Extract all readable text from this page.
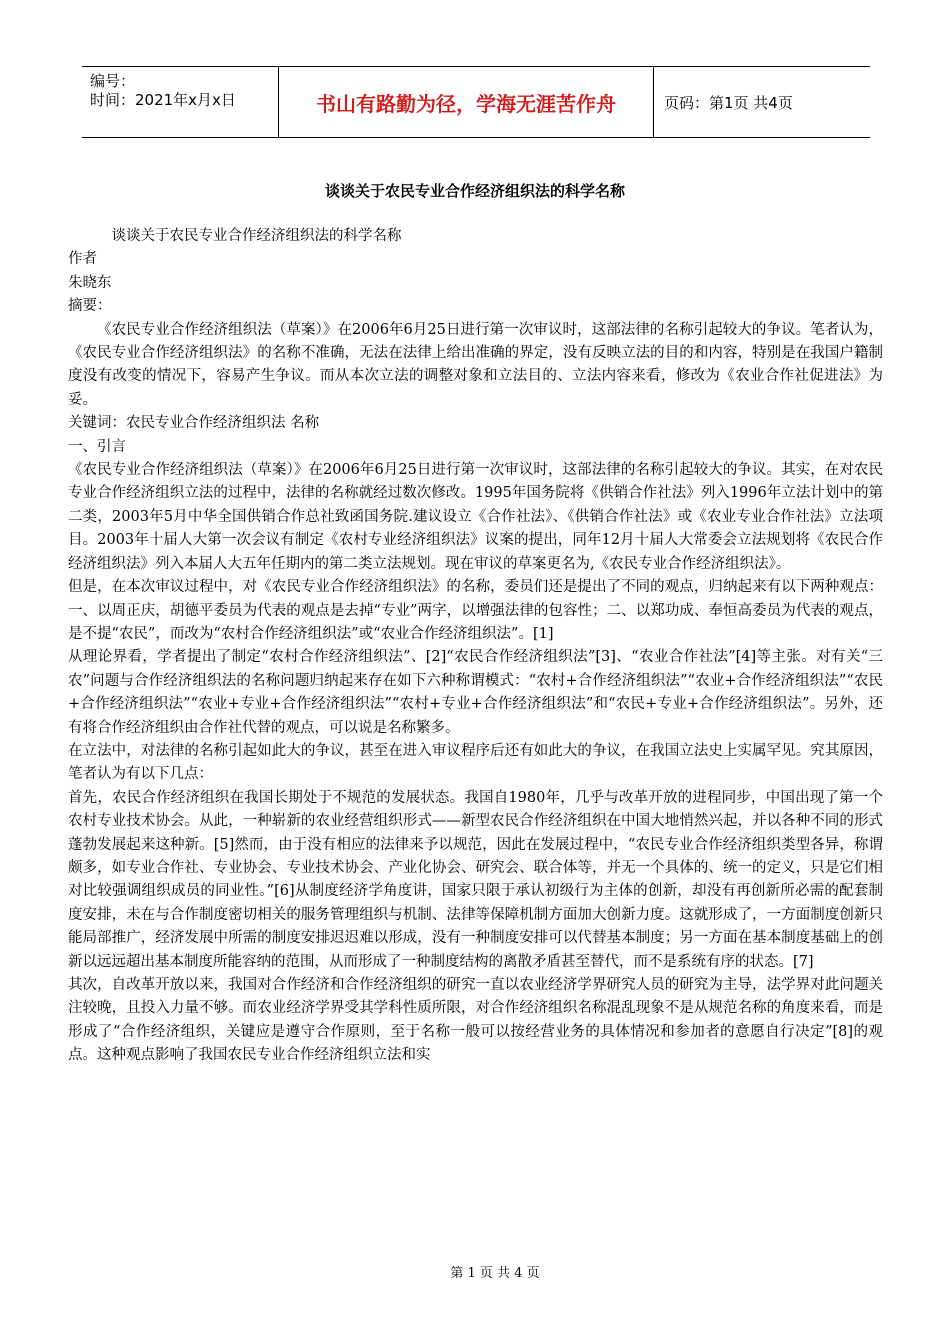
编号：
时间：2021年x月x日	书山有路勤为径，学海无涯苦作舟	页码：第1页 共4页
谈谈关于农民专业合作经济组织法的科学名称

谈谈关于农民专业合作经济组织法的科学名称

作者

朱晓东

摘要：

《农民专业合作经济组织法（草案）》在2006年6月25日进行第一次审议时，这部法律的名称引起较大的争议。笔者认为，《农民专业合作经济组织法》的名称不准确，无法在法律上给出准确的界定，没有反映立法的目的和内容，特别是在我国户籍制度没有改变的情况下，容易产生争议。而从本次立法的调整对象和立法目的、立法内容来看，修改为《农业合作社促进法》为妥。

关键词：农民专业合作经济组织法 名称

一、引言

《农民专业合作经济组织法（草案）》在2006年6月25日进行第一次审议时，这部法律的名称引起较大的争议。其实，在对农民专业合作经济组织立法的过程中，法律的名称就经过数次修改。1995年国务院将《供销合作社法》列入1996年立法计划中的第二类，2003年5月中华全国供销合作总社致函国务院.建议设立《合作社法》、《供销合作社法》或《农业专业合作社法》立法项目。2003年十届人大第一次会议有制定《农村专业经济组织法》议案的提出，同年12月十届人大常委会立法规划将《农民合作经济组织法》列入本届人大五年任期内的第二类立法规划。现在审议的草案更名为,《农民专业合作经济组织法》。

但是，在本次审议过程中，对《农民专业合作经济组织法》的名称，委员们还是提出了不同的观点，归纳起来有以下两种观点：一、以周正庆，胡德平委员为代表的观点是去掉“专业”两字，以增强法律的包容性；二、以郑功成、奉恒高委员为代表的观点，是不提“农民”，而改为“农村合作经济组织法”或“农业合作经济组织法”。[1]

从理论界看，学者提出了制定“农村合作经济组织法”、[2]“农民合作经济组织法”[3]、“农业合作社法”[4]等主张。对有关“三农”问题与合作经济组织法的名称问题归纳起来存在如下六种称谓模式：“农村+合作经济组织法”“农业+合作经济组织法”“农民+合作经济组织法”“农业+专业+合作经济组织法”“农村+专业+合作经济组织法”和“农民+专业+合作经济组织法”。另外，还有将合作经济组织由合作社代替的观点，可以说是名称繁多。

在立法中，对法律的名称引起如此大的争议，甚至在进入审议程序后还有如此大的争议，在我国立法史上实属罕见。究其原因，笔者认为有以下几点：

首先，农民合作经济组织在我国长期处于不规范的发展状态。我国自1980年，几乎与改革开放的进程同步，中国出现了第一个农村专业技术协会。从此，一种崭新的农业经营组织形式——新型农民合作经济组织在中国大地悄然兴起，并以各种不同的形式蓬勃发展起来这种新。[5]然而，由于没有相应的法律来予以规范，因此在发展过程中，“农民专业合作经济组织类型各异，称谓颇多，如专业合作社、专业协会、专业技术协会、产业化协会、研究会、联合体等，并无一个具体的、统一的定义，只是它们相对比较强调组织成员的同业性。”[6]从制度经济学角度讲，国家只限于承认初级行为主体的创新，却没有再创新所必需的配套制度安排，未在与合作制度密切相关的服务管理组织与机制、法律等保障机制方面加大创新力度。这就形成了，一方面制度创新只能局部推广，经济发展中所需的制度安排迟迟难以形成，没有一种制度安排可以代替基本制度；另一方面在基本制度基础上的创新以远远超出基本制度所能容纳的范围，从而形成了一种制度结构的离散矛盾甚至替代，而不是系统有序的状态。[7]

其次，自改革开放以来，我国对合作经济和合作经济组织的研究一直以农业经济学界研究人员的研究为主导，法学界对此问题关注较晚，且投入力量不够。而农业经济学界受其学科性质所限，对合作经济组织名称混乱现象不是从规范名称的角度来看，而是形成了“合作经济组织，关键应是遵守合作原则，至于名称一般可以按经营业务的具体情况和参加者的意愿自行决定”[8]的观点。这种观点影响了我国农民专业合作经济组织立法和实

第 1 页 共 4 页
